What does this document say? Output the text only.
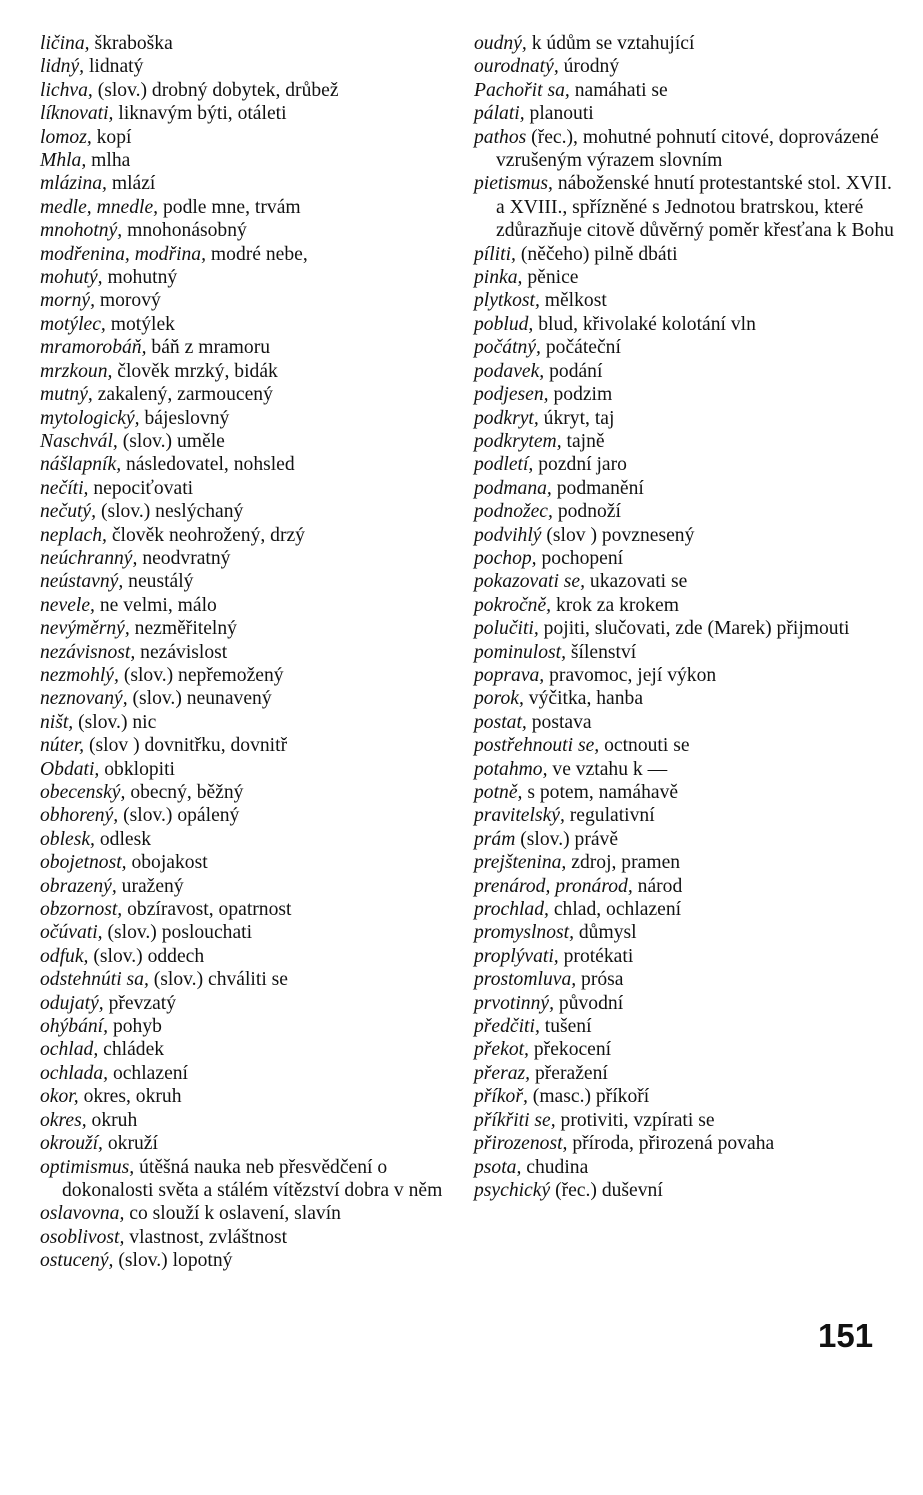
ličina, škraboška
lidný, lidnatý
lichva, (slov.) drobný dobytek, drůbež
líknovati, liknavým býti, otáleti
lomoz, kopí
Mhla, mlha
mlázina, mlází
medle, mnedle, podle mne, trvám
mnohotný, mnohonásobný
modřenina, modřina, modré nebe,
mohutý, mohutný
morný, morový
motýlec, motýlek
mramorobáň, báň z mramoru
mrzkoun, člověk mrzký, bidák
mutný, zakalený, zarmoucený
mytologický, bájeslovný
Naschvál, (slov.) uměle
nášlapník, následovatel, nohsled
nečíti, nepociťovati
nečutý, (slov.) neslýchaný
neplach, člověk neohrožený, drzý
neúchranný, neodvratný
neústavný, neustálý
nevele, ne velmi, málo
nevýměrný, nezměřitelný
nezávisnost, nezávislost
nezmohlý, (slov.) nepřemožený
neznovaný, (slov.) neunavený
ništ, (slov.) nic
núter, (slov ) dovnitřku, dovnitř
Obdati, obklopiti
obecenský, obecný, běžný
obhorený, (slov.) opálený
oblesk, odlesk
obojetnost, obojakost
obrazený, uražený
obzornost, obzíravost, opatrnost
očúvati, (slov.) poslouchati
odfuk, (slov.) oddech
odstehnúti sa, (slov.) chváliti se
odujatý, převzatý
ohýbání, pohyb
ochlad, chládek
ochlada, ochlazení
okor, okres, okruh
okres, okruh
okrouží, okruží
optimismus, útěšná nauka neb přesvědčení o dokonalosti světa a stálém vítězství dobra v něm
oslavovna, co slouží k oslavení, slavín
osoblivost, vlastnost, zvláštnost
ostucený, (slov.) lopotný
oudný, k údům se vztahující
ourodnatý, úrodný
Pachořit sa, namáhati se
pálati, planouti
pathos (řec.), mohutné pohnutí citové, doprovázené vzrušeným výrazem slovním
pietismus, náboženské hnutí protestantské stol. XVII. a XVIII., spřízněné s Jednotou bratrskou, které zdůrazňuje citově důvěrný poměr křesťana k Bohu
píliti, (něčeho) pilně dbáti
pinka, pěnice
plytkost, mělkost
poblud, blud, křivolaké kolotání vln
počátný, počáteční
podavek, podání
podjesen, podzim
podkryt, úkryt, taj
podkrytem, tajně
podletí, pozdní jaro
podmana, podmanění
podnožec, podnoží
podvihlý (slov ) povznesený
pochop, pochopení
pokazovati se, ukazovati se
pokročně, krok za krokem
polučiti, pojiti, slučovati, zde (Marek) přijmouti
pominulost, šílenství
poprava, pravomoc, její výkon
porok, výčitka, hanba
postat, postava
postřehnouti se, octnouti se
potahmo, ve vztahu k —
potně, s potem, namáhavě
pravitelský, regulativní
prám (slov.) právě
prejštenina, zdroj, pramen
prenárod, pronárod, národ
prochlad, chlad, ochlazení
promyslnost, důmysl
proplývati, protékati
prostomluva, prósa
prvotinný, původní
předčiti, tušení
překot, překocení
přeraz, přeražení
příkoř, (masc.) příkoří
příkřiti se, protiviti, vzpírati se
přirozenost, příroda, přirozená povaha
psota, chudina
psychický (řec.) duševní
151
